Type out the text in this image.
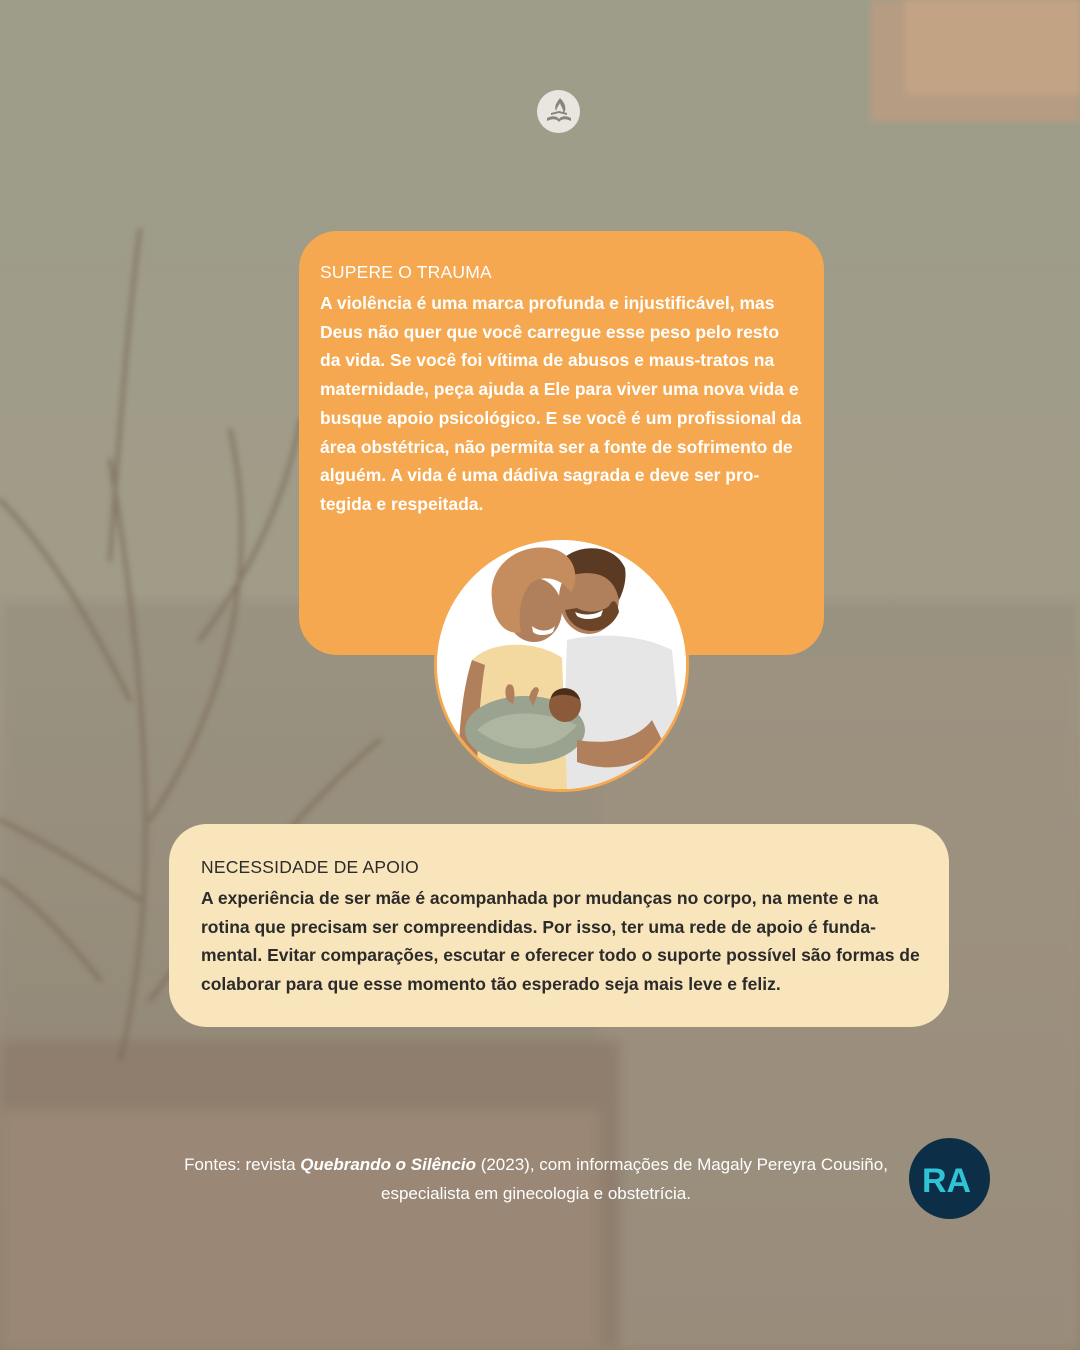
SUPERE O TRAUMA

A violência é uma marca profunda e injustificável, mas Deus não quer que você carregue esse peso pelo resto da vida. Se você foi vítima de abusos e maus-tratos na maternidade, peça ajuda a Ele para viver uma nova vida e busque apoio psicológico. E se você é um profissional da área obstétrica, não permita ser a fonte de sofrimento de alguém. A vida é uma dádiva sagrada e deve ser pro-tegida e respeitada.

NECESSIDADE DE APOIO

A experiência de ser mãe é acompanhada por mudanças no corpo, na mente e na rotina que precisam ser compreendidas. Por isso, ter uma rede de apoio é funda-mental. Evitar comparações, escutar e oferecer todo o suporte possível são formas de colaborar para que esse momento tão esperado seja mais leve e feliz.

Fontes: revista Quebrando o Silêncio (2023), com informações de Magaly Pereyra Cousiño, especialista em ginecologia e obstetrícia.	RA
